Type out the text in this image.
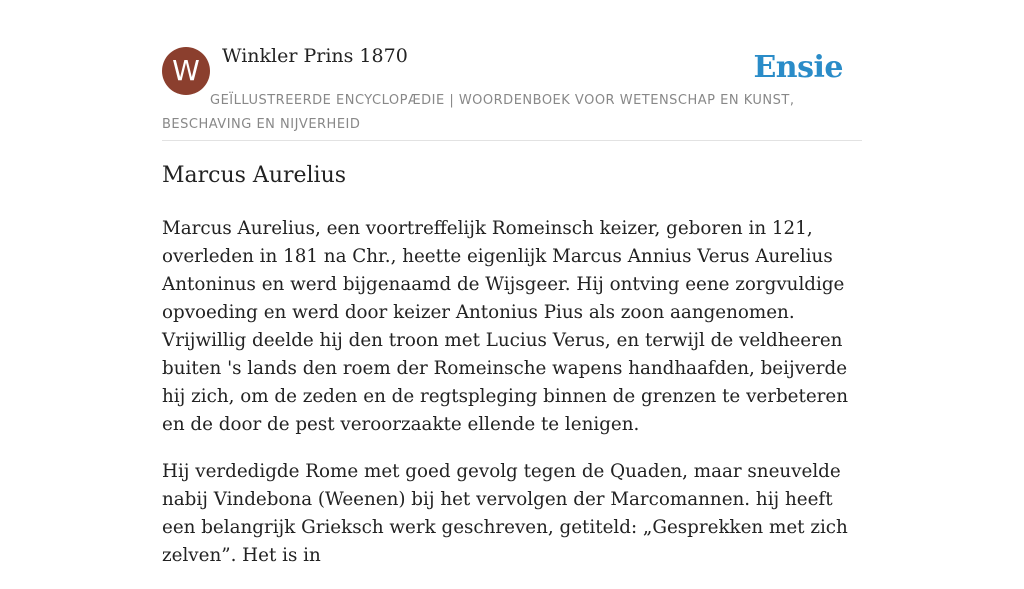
W	Winkler Prins 1870	Ensie
GEÏLLUSTREERDE ENCYCLOPÆDIE | WOORDENBOEK VOOR WETENSCHAP EN KUNST, BESCHAVING EN NIJVERHEID
Marcus Aurelius

Marcus Aurelius, een voortreffelijk Romeinsch keizer, geboren in 121, overleden in 181 na Chr., heette eigenlijk Marcus Annius Verus Aurelius Antoninus en werd bijgenaamd de Wijsgeer. Hij ontving eene zorgvuldige opvoeding en werd door keizer Antonius Pius als zoon aangenomen. Vrijwillig deelde hij den troon met Lucius Verus, en terwijl de veldheeren buiten 's lands den roem der Romeinsche wapens handhaafden, beijverde hij zich, om de zeden en de regtspleging binnen de grenzen te verbeteren en de door de pest veroorzaakte ellende te lenigen.

Hij verdedigde Rome met goed gevolg tegen de Quaden, maar sneuvelde nabij Vindebona (Weenen) bij het vervolgen der Marcomannen. hij heeft een belangrijk Grieksch werk geschreven, getiteld: „Gesprekken met zich zelven”. Het is in
